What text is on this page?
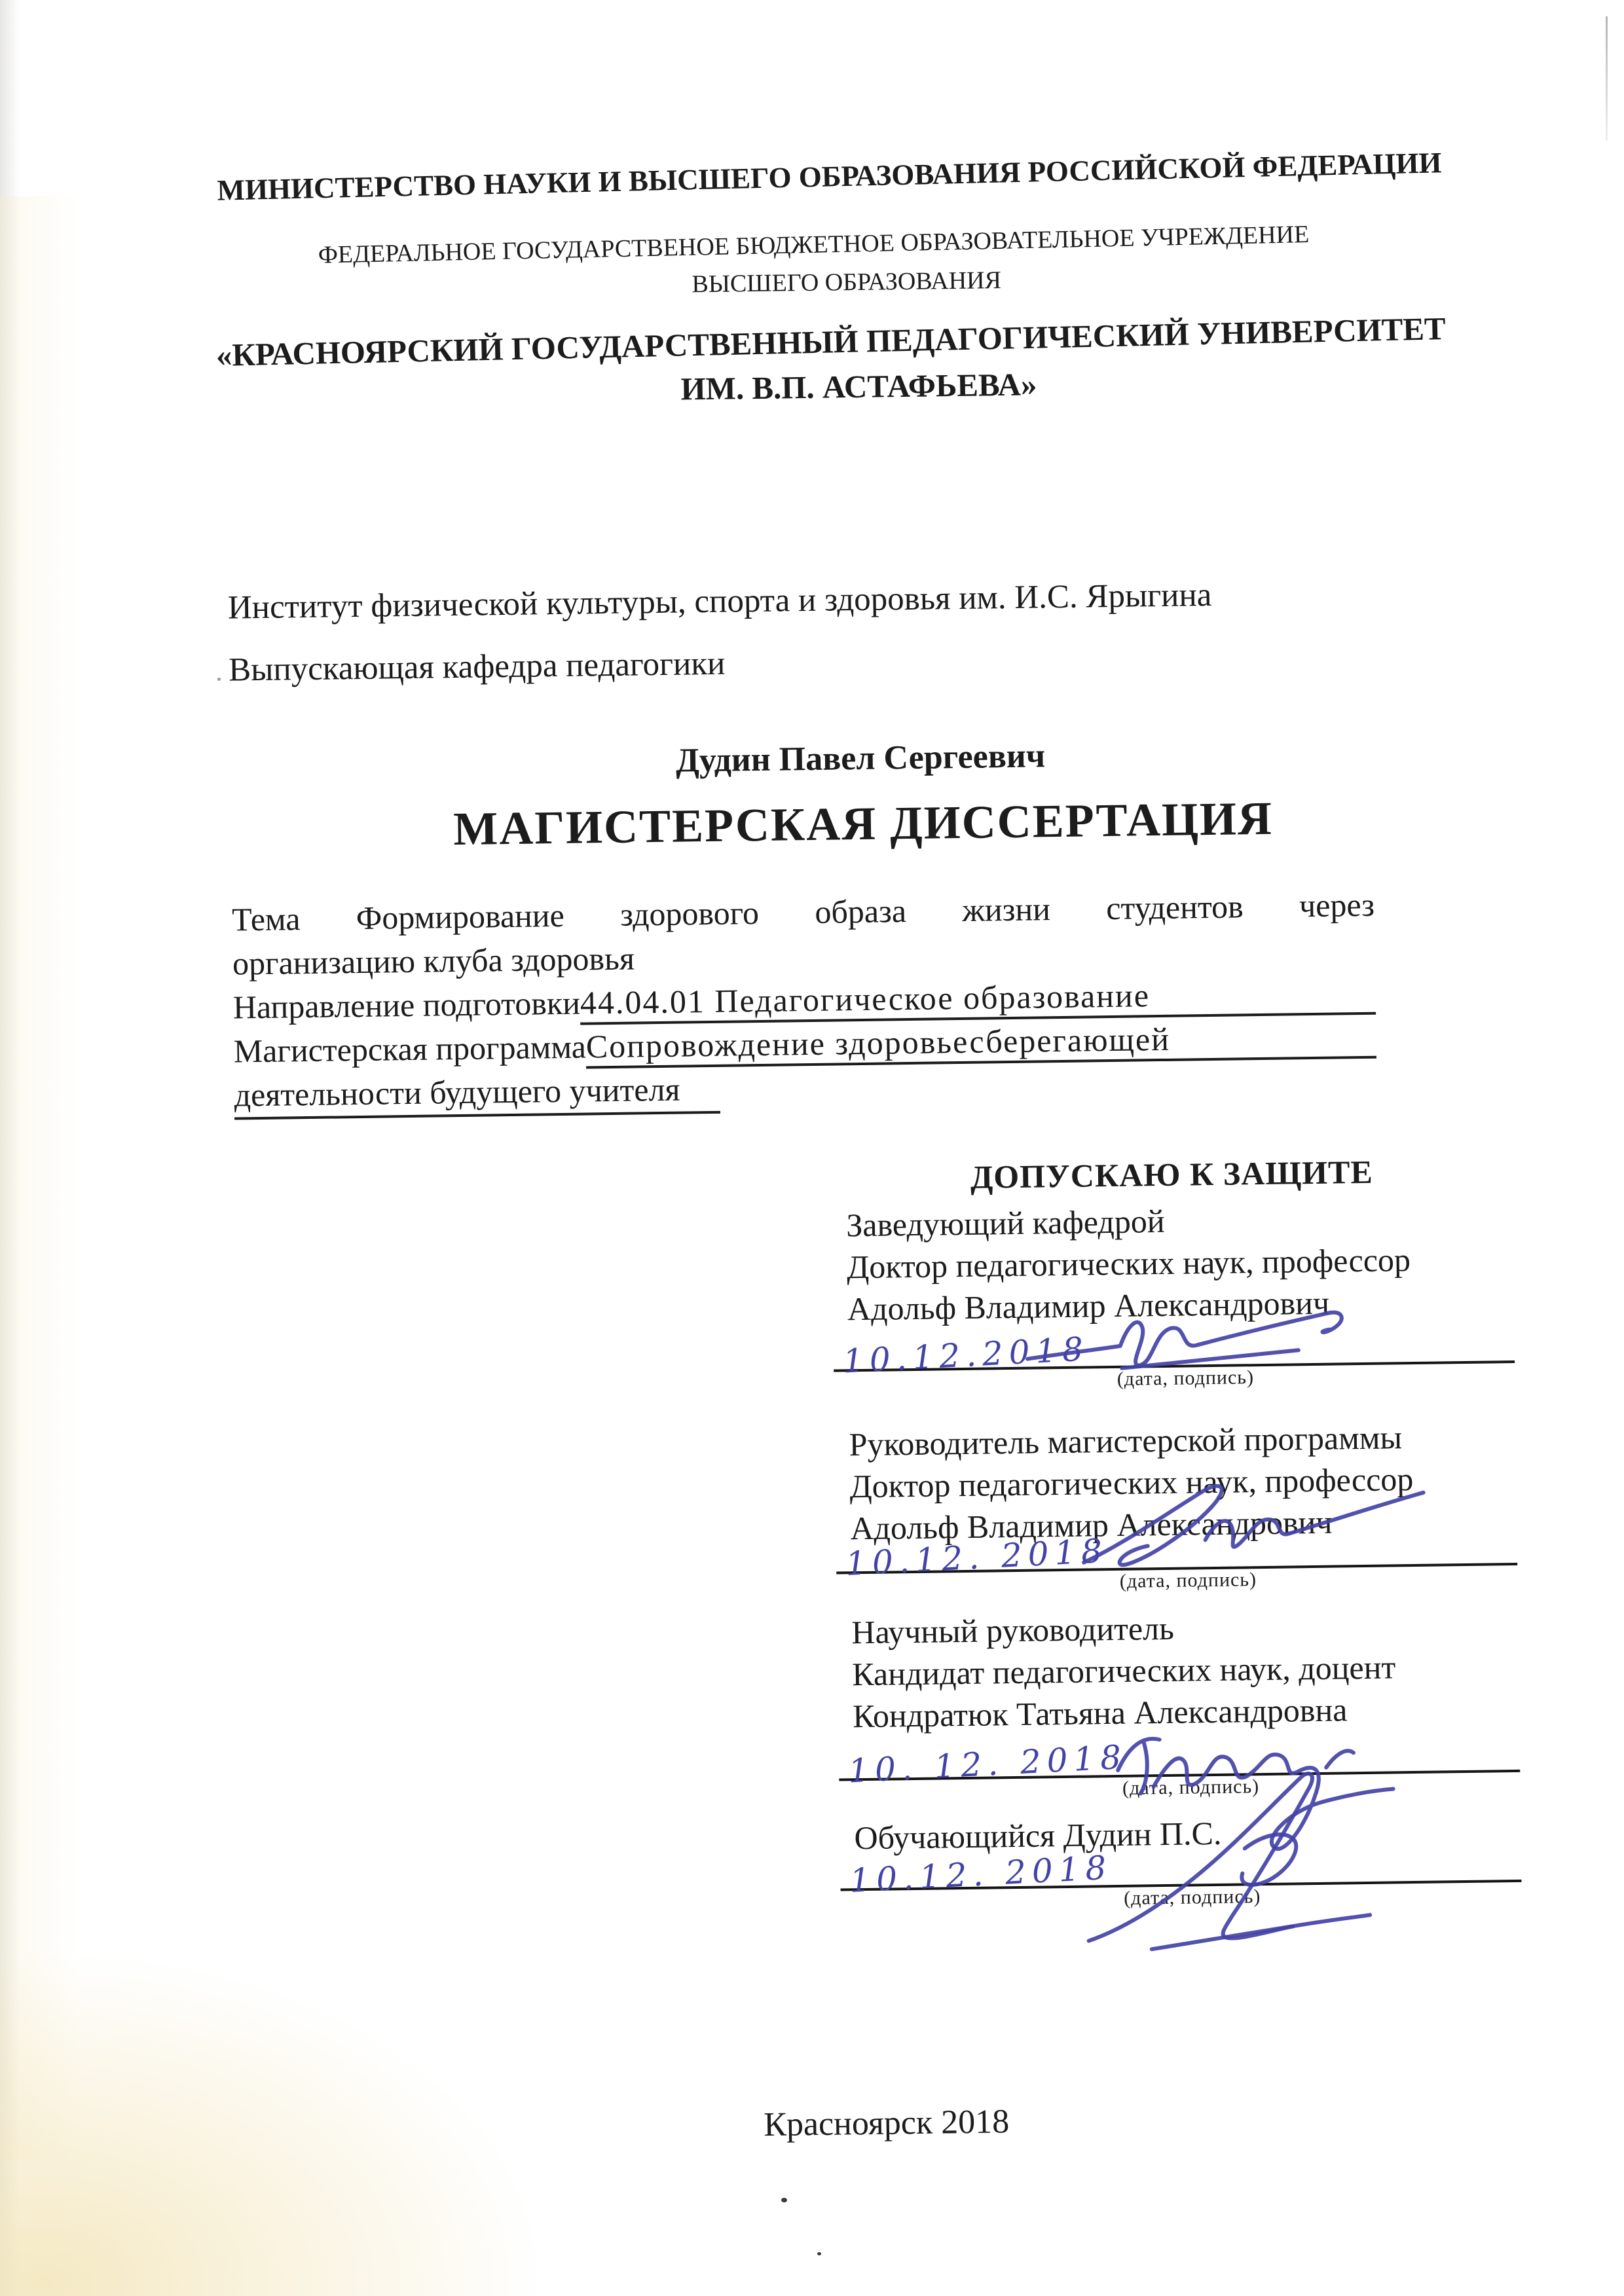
МИНИСТЕРСТВО НАУКИ И ВЫСШЕГО ОБРАЗОВАНИЯ РОССИЙСКОЙ ФЕДЕРАЦИИ
ФЕДЕРАЛЬНОЕ ГОСУДАРСТВЕНОЕ БЮДЖЕТНОЕ ОБРАЗОВАТЕЛЬНОЕ УЧРЕЖДЕНИЕ
ВЫСШЕГО ОБРАЗОВАНИЯ
«КРАСНОЯРСКИЙ ГОСУДАРСТВЕННЫЙ ПЕДАГОГИЧЕСКИЙ УНИВЕРСИТЕТ
ИМ. В.П. АСТАФЬЕВА»
Институт физической культуры, спорта и здоровья им. И.С. Ярыгина
Выпускающая кафедра педагогики
Дудин Павел Сергеевич
МАГИСТЕРСКАЯ ДИССЕРТАЦИЯ
Тема Формирование здорового образа жизни студентов через
организацию клуба здоровья
Направление подготовки 44.04.01 Педагогическое образование
Магистерская программа Сопровождение здоровьесберегающей
деятельности будущего учителя
ДОПУСКАЮ К ЗАЩИТЕ
Заведующий кафедрой
Доктор педагогических наук, профессор
Адольф Владимир Александрович
10.12.2018	(дата, подпись)
Руководитель магистерской программы
Доктор педагогических наук, профессор
Адольф Владимир Александрович
10.12. 2018 (дата, подпись)
Научный руководитель
Кандидат педагогических наук, доцент
Кондратюк Татьяна Александровна
10. 12. 2018
(дата, подпись)
Обучающийся Дудин П.С.
10.12. 2018 (дата, подпись)
Красноярск 2018
